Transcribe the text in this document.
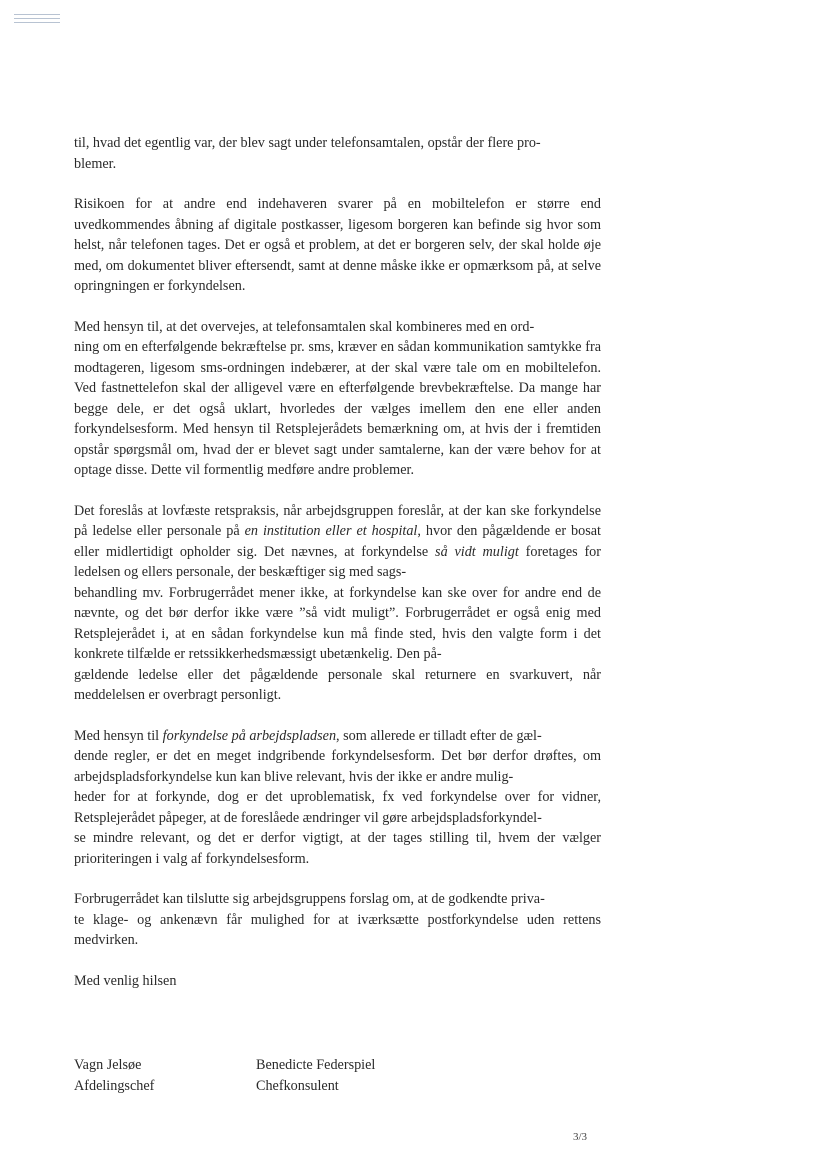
til, hvad det egentlig var, der blev sagt under telefonsamtalen, opstår der flere pro-
blemer.

Risikoen for at andre end indehaveren svarer på en mobiltelefon er større end uvedkommendes åbning af digitale postkasser, ligesom borgeren kan befinde sig hvor som helst, når telefonen tages. Det er også et problem, at det er borgeren selv, der skal holde øje med, om dokumentet bliver eftersendt, samt at denne måske ikke er opmærksom på, at selve opringningen er forkyndelsen.

Med hensyn til, at det overvejes, at telefonsamtalen skal kombineres med en ord-
ning om en efterfølgende bekræftelse pr. sms, kræver en sådan kommunikation samtykke fra modtageren, ligesom sms-ordningen indebærer, at der skal være tale om en mobiltelefon. Ved fastnettelefon skal der alligevel være en efterfølgende brevbekræftelse. Da mange har begge dele, er det også uklart, hvorledes der vælges imellem den ene eller anden forkyndelsesform. Med hensyn til Retsplejerådets bemærkning om, at hvis der i fremtiden opstår spørgsmål om, hvad der er blevet sagt under samtalerne, kan der være behov for at optage disse. Dette vil formentlig medføre andre problemer.

Det foreslås at lovfæste retspraksis, når arbejdsgruppen foreslår, at der kan ske forkyndelse på ledelse eller personale på en institution eller et hospital, hvor den pågældende er bosat eller midlertidigt opholder sig. Det nævnes, at forkyndelse så vidt muligt foretages for ledelsen og ellers personale, der beskæftiger sig med sags-
behandling mv. Forbrugerrådet mener ikke, at forkyndelse kan ske over for andre end de nævnte, og det bør derfor ikke være ”så vidt muligt”. Forbrugerrådet er også enig med Retsplejerådet i, at en sådan forkyndelse kun må finde sted, hvis den valgte form i det konkrete tilfælde er retssikkerhedsmæssigt ubetænkelig. Den på-
gældende ledelse eller det pågældende personale skal returnere en svarkuvert, når meddelelsen er overbragt personligt.

Med hensyn til forkyndelse på arbejdspladsen, som allerede er tilladt efter de gæl-
dende regler, er det en meget indgribende forkyndelsesform. Det bør derfor drøftes, om arbejdspladsforkyndelse kun kan blive relevant, hvis der ikke er andre mulig-
heder for at forkynde, dog er det uproblematisk, fx ved forkyndelse over for vidner, Retsplejerådet påpeger, at de foreslåede ændringer vil gøre arbejdspladsforkyndel-
se mindre relevant, og det er derfor vigtigt, at der tages stilling til, hvem der vælger prioriteringen i valg af forkyndelsesform.

Forbrugerrådet kan tilslutte sig arbejdsgruppens forslag om, at de godkendte priva-
te klage- og ankenævn får mulighed for at iværksætte postforkyndelse uden rettens medvirken.

Med venlig hilsen

Vagn Jelsøe
Afdelingschef
Benedicte Federspiel
Chefkonsulent
3/3
